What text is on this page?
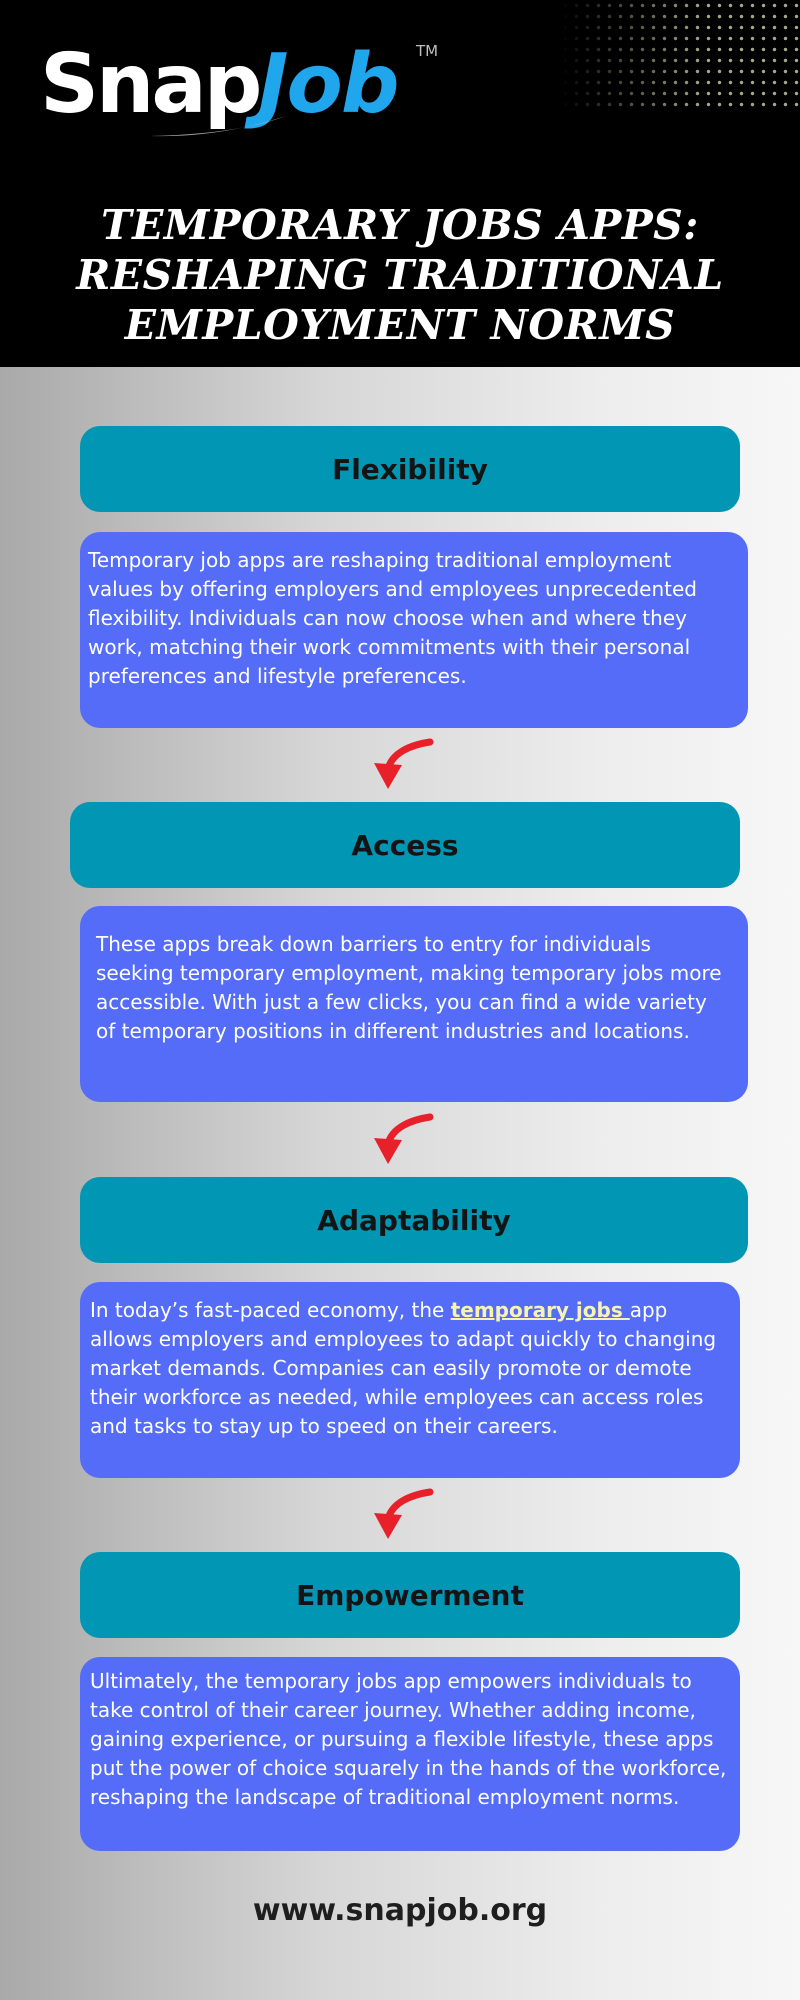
Snap
Job TM
TEMPORARY JOBS APPS: RESHAPING TRADITIONAL EMPLOYMENT NORMS
Flexibility

Temporary job apps are reshaping traditional employment values by offering employers and employees unprecedented flexibility. Individuals can now choose when and where they work, matching their work commitments with their personal preferences and lifestyle preferences.

Access

These apps break down barriers to entry for individuals seeking temporary employment, making temporary jobs more accessible. With just a few clicks, you can find a wide variety of temporary positions in different industries and locations.

Adaptability

In today’s fast-paced economy, the temporary jobs app allows employers and employees to adapt quickly to changing market demands. Companies can easily promote or demote their workforce as needed, while employees can access roles and tasks to stay up to speed on their careers.

Empowerment

Ultimately, the temporary jobs app empowers individuals to take control of their career journey. Whether adding income, gaining experience, or pursuing a flexible lifestyle, these apps put the power of choice squarely in the hands of the workforce, reshaping the landscape of traditional employment norms.

www.snapjob.org
